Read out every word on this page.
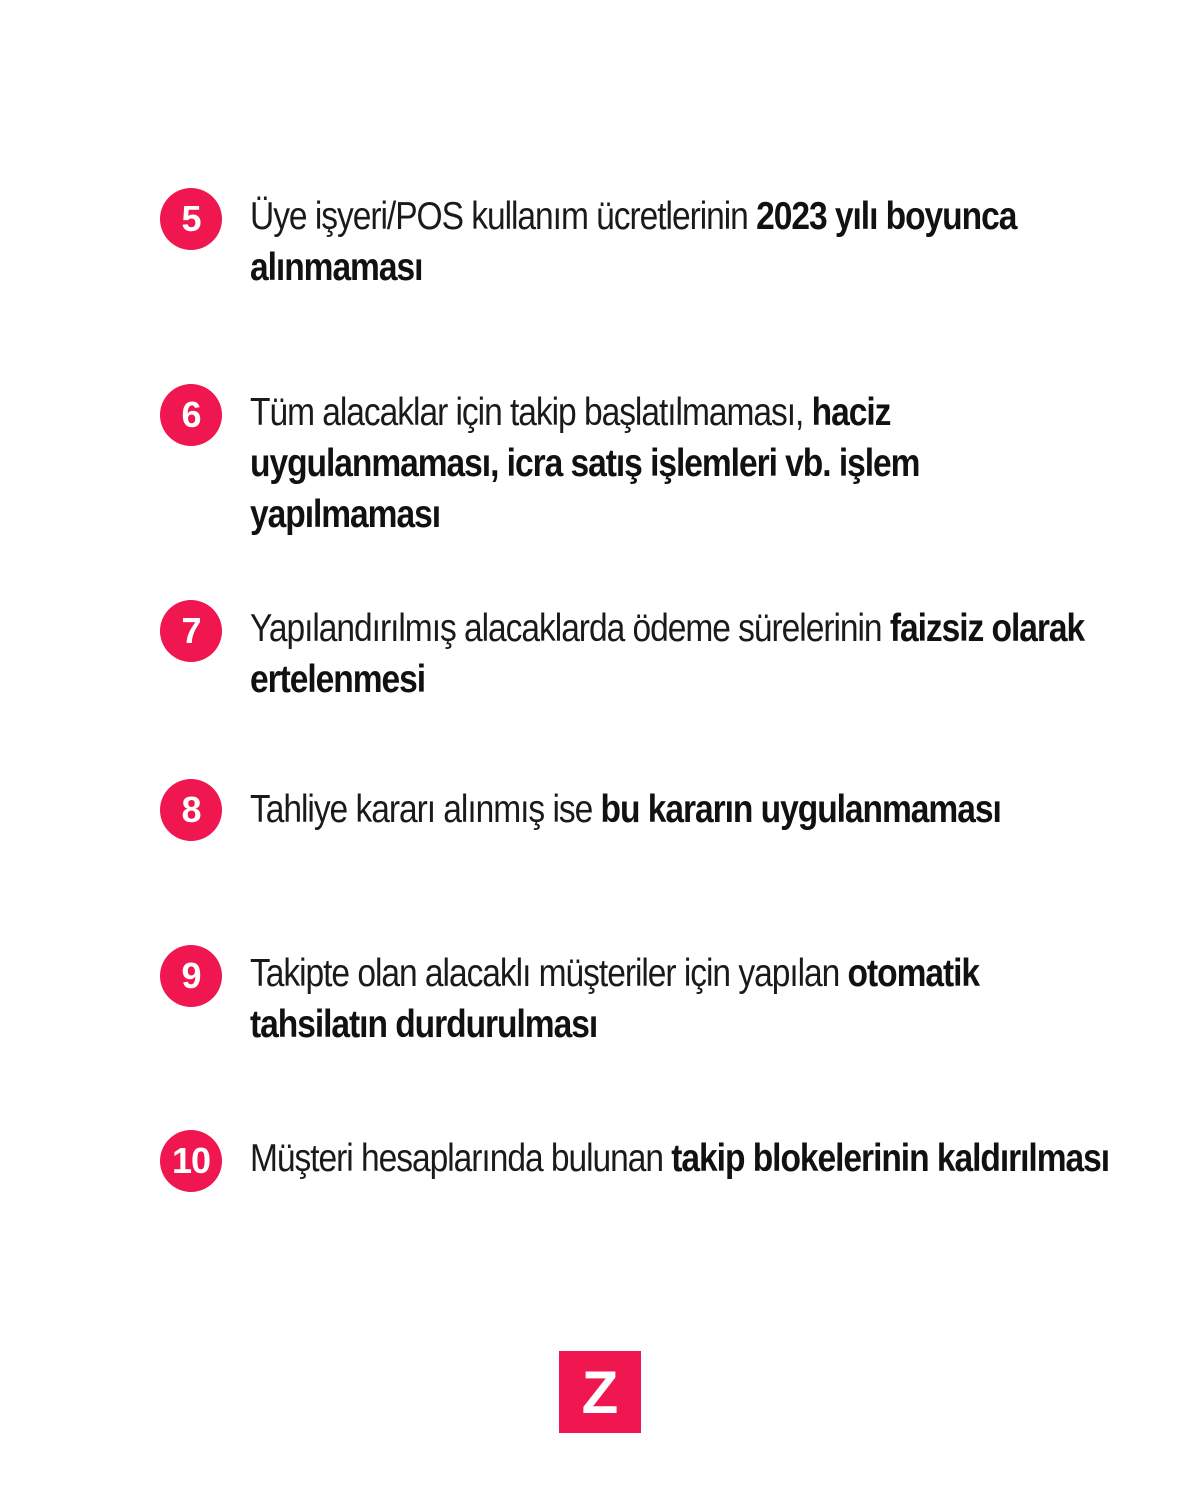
5	Üye işyeri/POS kullanım ücretlerinin 2023 yılı boyunca alınmaması
6	Tüm alacaklar için takip başlatılmaması, haciz uygulanmaması, icra satış işlemleri vb. işlem yapılmaması
7	Yapılandırılmış alacaklarda ödeme sürelerinin faizsiz olarak ertelenmesi
8	Tahliye kararı alınmış ise bu kararın uygulanmaması
9	Takipte olan alacaklı müşteriler için yapılan otomatik tahsilatın durdurulması
10	Müşteri hesaplarında bulunan takip blokelerinin kaldırılması
Z
